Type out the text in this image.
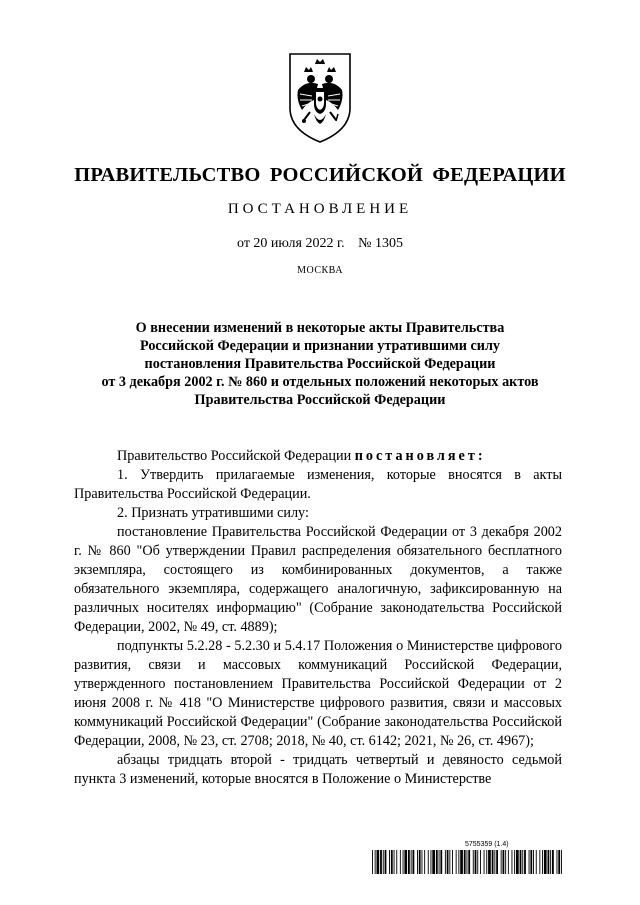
ПРАВИТЕЛЬСТВО РОССИЙСКОЙ ФЕДЕРАЦИИ
ПОСТАНОВЛЕНИЕ
от 20 июля 2022 г. № 1305
МОСКВА
О внесении изменений в некоторые акты Правительства
Российской Федерации и признании утратившими силу
постановления Правительства Российской Федерации
от 3 декабря 2002 г. № 860 и отдельных положений некоторых актов
Правительства Российской Федерации

Правительство Российской Федерации постановляет:

1. Утвердить прилагаемые изменения, которые вносятся в акты Правительства Российской Федерации.

2. Признать утратившими силу:

постановление Правительства Российской Федерации от 3 декабря 2002 г. № 860 "Об утверждении Правил распределения обязательного бесплатного экземпляра, состоящего из комбинированных документов, а также обязательного экземпляра, содержащего аналогичную, зафиксированную на различных носителях информацию" (Собрание законодательства Российской Федерации, 2002, № 49, ст. 4889);

подпункты 5.2.28 - 5.2.30 и 5.4.17 Положения о Министерстве цифрового развития, связи и массовых коммуникаций Российской Федерации, утвержденного постановлением Правительства Российской Федерации от 2 июня 2008 г. № 418 "О Министерстве цифрового развития, связи и массовых коммуникаций Российской Федерации" (Собрание законодательства Российской Федерации, 2008, № 23, ст. 2708; 2018, № 40, ст. 6142; 2021, № 26, ст. 4967);

абзацы тридцать второй - тридцать четвертый и девяносто седьмой пункта 3 изменений, которые вносятся в Положение о Министерстве

5755359 (1.4)
